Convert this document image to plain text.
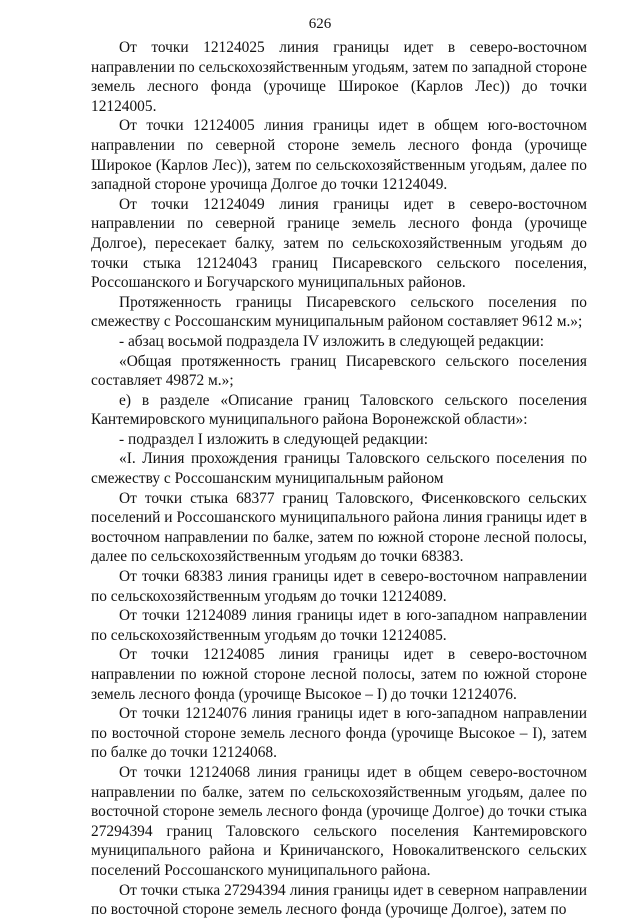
626

От точки 12124025 линия границы идет в северо-восточном направлении по сельскохозяйственным угодьям, затем по западной стороне земель лесного фонда (урочище Широкое (Карлов Лес)) до точки 12124005.

От точки 12124005 линия границы идет в общем юго-восточном направлении по северной стороне земель лесного фонда (урочище Широкое (Карлов Лес)), затем по сельскохозяйственным угодьям, далее по западной стороне урочища Долгое до точки 12124049.

От точки 12124049 линия границы идет в северо-восточном направлении по северной границе земель лесного фонда (урочище Долгое), пересекает балку, затем по сельскохозяйственным угодьям до точки стыка 12124043 границ Писаревского сельского поселения, Россошанского и Богучарского муниципальных районов.

Протяженность границы Писаревского сельского поселения по смежеству с Россошанским муниципальным районом составляет 9612 м.»;

- абзац восьмой подраздела IV изложить в следующей редакции:

«Общая протяженность границ Писаревского сельского поселения составляет 49872 м.»;

е) в разделе «Описание границ Таловского сельского поселения Кантемировского муниципального района Воронежской области»:

- подраздел I изложить в следующей редакции:

«I. Линия прохождения границы Таловского сельского поселения по смежеству с Россошанским муниципальным районом

От точки стыка 68377 границ Таловского, Фисенковского сельских поселений и Россошанского муниципального района линия границы идет в восточном направлении по балке, затем по южной стороне лесной полосы, далее по сельскохозяйственным угодьям до точки 68383.

От точки 68383 линия границы идет в северо-восточном направлении по сельскохозяйственным угодьям до точки 12124089.

От точки 12124089 линия границы идет в юго-западном направлении по сельскохозяйственным угодьям до точки 12124085.

От точки 12124085 линия границы идет в северо-восточном направлении по южной стороне лесной полосы, затем по южной стороне земель лесного фонда (урочище Высокое – I) до точки 12124076.

От точки 12124076 линия границы идет в юго-западном направлении по восточной стороне земель лесного фонда (урочище Высокое – I), затем по балке до точки 12124068.

От точки 12124068 линия границы идет в общем северо-восточном направлении по балке, затем по сельскохозяйственным угодьям, далее по восточной стороне земель лесного фонда (урочище Долгое) до точки стыка 27294394 границ Таловского сельского поселения Кантемировского муниципального района и Криничанского, Новокалитвенского сельских поселений Россошанского муниципального района.

От точки стыка 27294394 линия границы идет в северном направлении по восточной стороне земель лесного фонда (урочище Долгое), затем по
